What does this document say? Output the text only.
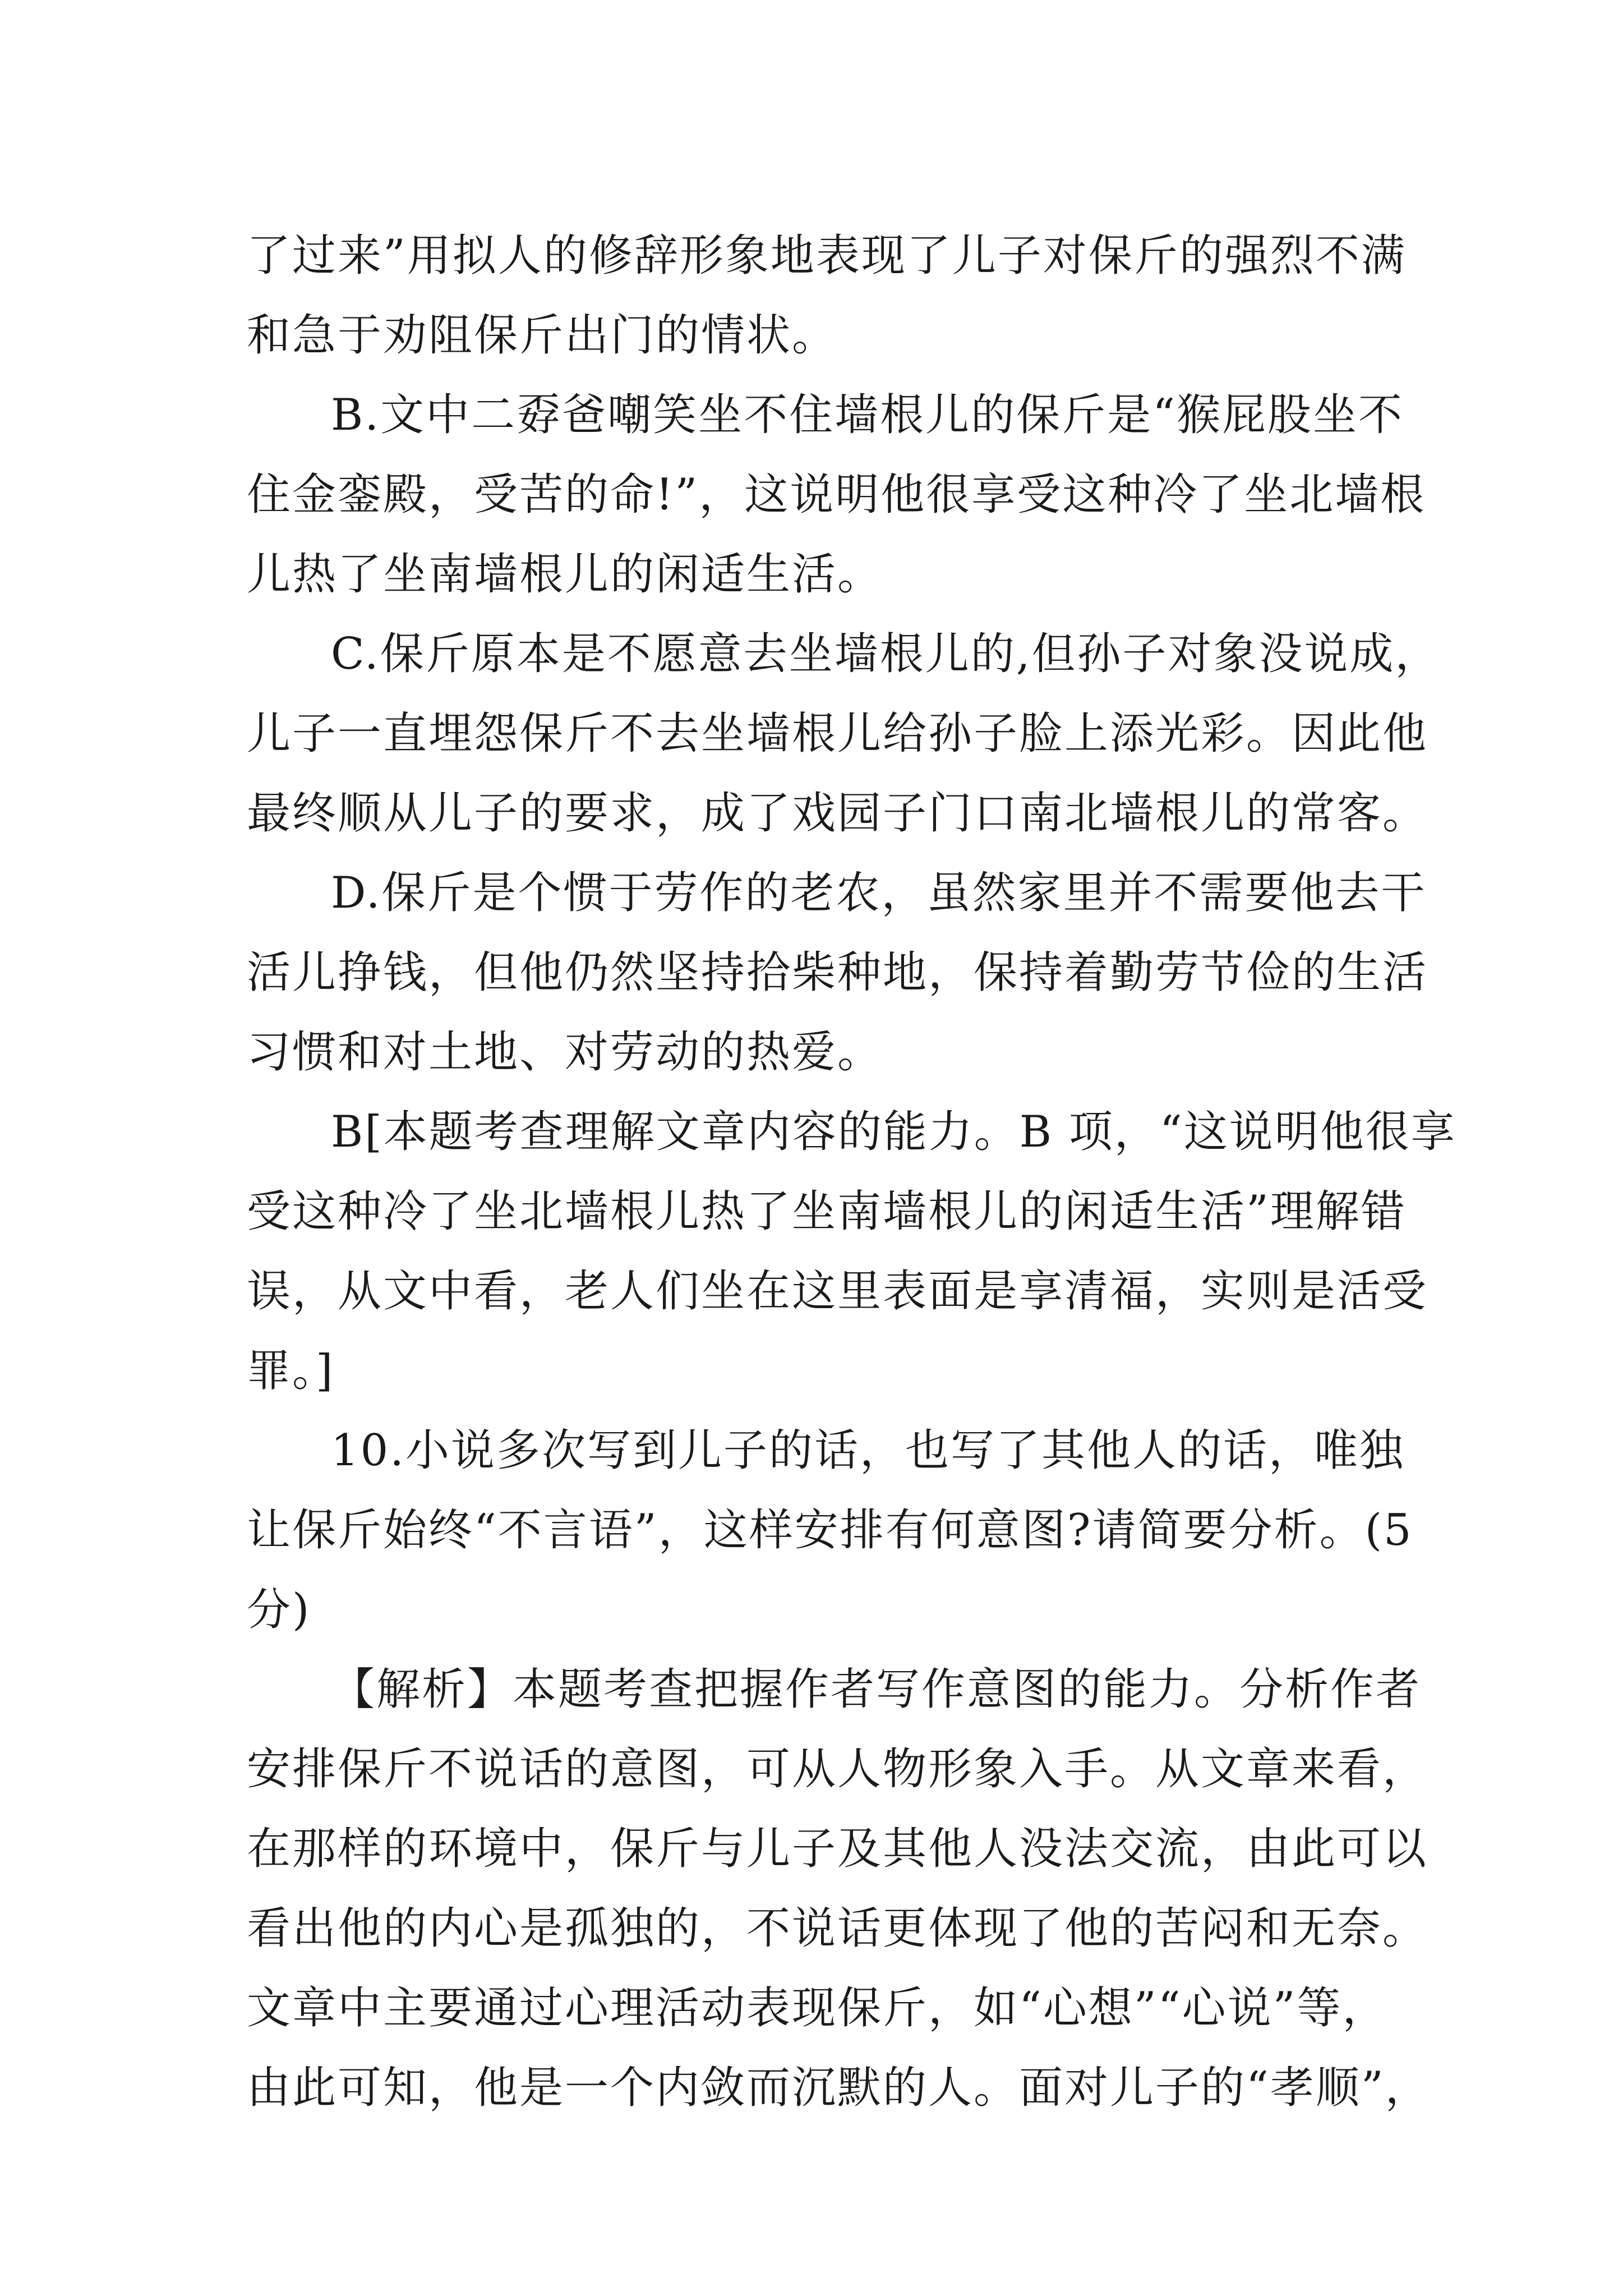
了过来”用拟人的修辞形象地表现了儿子对保斤的强烈不满
和急于劝阻保斤出门的情状。
B.文中二孬爸嘲笑坐不住墙根儿的保斤是“猴屁股坐不
住金銮殿，受苦的命!”，这说明他很享受这种冷了坐北墙根
儿热了坐南墙根儿的闲适生活。
C.保斤原本是不愿意去坐墙根儿的,但孙子对象没说成，
儿子一直埋怨保斤不去坐墙根儿给孙子脸上添光彩。因此他
最终顺从儿子的要求，成了戏园子门口南北墙根儿的常客。
D.保斤是个惯于劳作的老农，虽然家里并不需要他去干
活儿挣钱，但他仍然坚持拾柴种地，保持着勤劳节俭的生活
习惯和对土地、对劳动的热爱。
B[本题考查理解文章内容的能力。B 项，“这说明他很享
受这种冷了坐北墙根儿热了坐南墙根儿的闲适生活”理解错
误，从文中看，老人们坐在这里表面是享清福，实则是活受
罪。]
10.小说多次写到儿子的话，也写了其他人的话，唯独
让保斤始终“不言语”，这样安排有何意图?请简要分析。(5
分)
【解析】本题考查把握作者写作意图的能力。分析作者
安排保斤不说话的意图，可从人物形象入手。从文章来看，
在那样的环境中，保斤与儿子及其他人没法交流，由此可以
看出他的内心是孤独的，不说话更体现了他的苦闷和无奈。
文章中主要通过心理活动表现保斤，如“心想”“心说”等，
由此可知，他是一个内敛而沉默的人。面对儿子的“孝顺”，
